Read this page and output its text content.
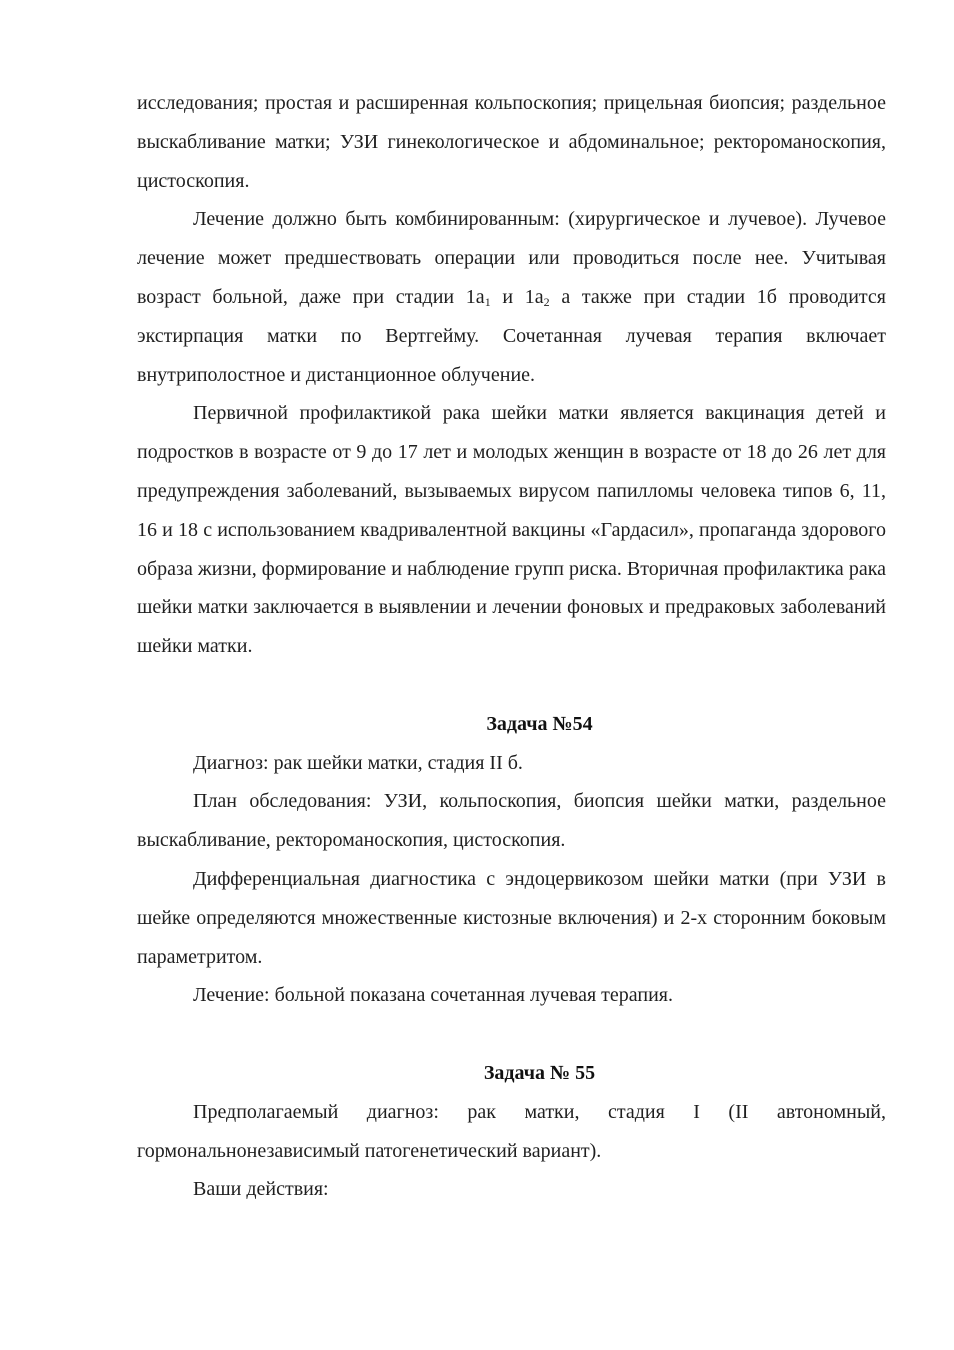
исследования; простая и расширенная кольпоскопия; прицельная биопсия; раздельное выскабливание матки; УЗИ гинекологическое и абдоминальное; ректороманоскопия, цистоскопия.

Лечение должно быть комбинированным: (хирургическое и лучевое). Лучевое лечение может предшествовать операции или проводиться после нее. Учитывая возраст больной, даже при стадии $1а_1$ и $1а_2$ а также при стадии 1б проводится экстирпация матки по Вертгейму. Сочетанная лучевая терапия включает внутриполостное и дистанционное облучение.

Первичной профилактикой рака шейки матки является вакцинация детей и подростков в возрасте от 9 до 17 лет и молодых женщин в возрасте от 18 до 26 лет для предупреждения заболеваний, вызываемых вирусом папилломы человека типов 6, 11, 16 и 18 с использованием квадривалентной вакцины «Гардасил», пропаганда здорового образа жизни, формирование и наблюдение групп риска. Вторичная профилактика рака шейки матки заключается в выявлении и лечении фоновых и предраковых заболеваний шейки матки.

Задача №54

Диагноз: рак шейки матки, стадия II б.

План обследования: УЗИ, кольпоскопия, биопсия шейки матки, раздельное выскабливание, ректороманоскопия, цистоскопия.

Дифференциальная диагностика с эндоцервикозом шейки матки (при УЗИ в шейке определяются множественные кистозные включения) и 2-х сторонним боковым параметритом.

Лечение: больной показана сочетанная лучевая терапия.

Задача № 55

Предполагаемый диагноз: рак матки, стадия I (II автономный, гормональнонезависимый патогенетический вариант).

Ваши действия:
